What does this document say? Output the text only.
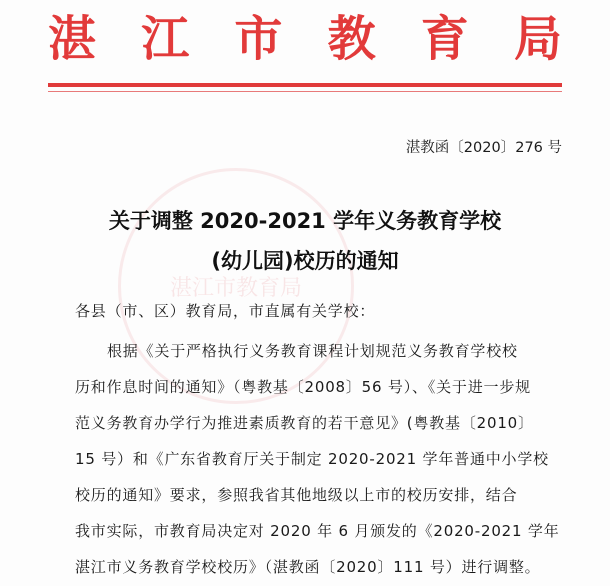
湛 江 市 教 育 局
湛教函〔2020〕276 号
湛江市教育局
关于调整 2020-2021 学年义务教育学校
(幼儿园)校历的通知
各县（市、区）教育局，市直属有关学校：
根据《关于严格执行义务教育课程计划规范义务教育学校校
历和作息时间的通知》（粤教基〔2008〕56 号）、《关于进一步规
范义务教育办学行为推进素质教育的若干意见》(粤教基〔2010〕
15 号）和《广东省教育厅关于制定 2020-2021 学年普通中小学校
校历的通知》要求，参照我省其他地级以上市的校历安排，结合
我市实际，市教育局决定对 2020 年 6 月颁发的《2020-2021 学年
湛江市义务教育学校校历》（湛教函〔2020〕111 号）进行调整。
